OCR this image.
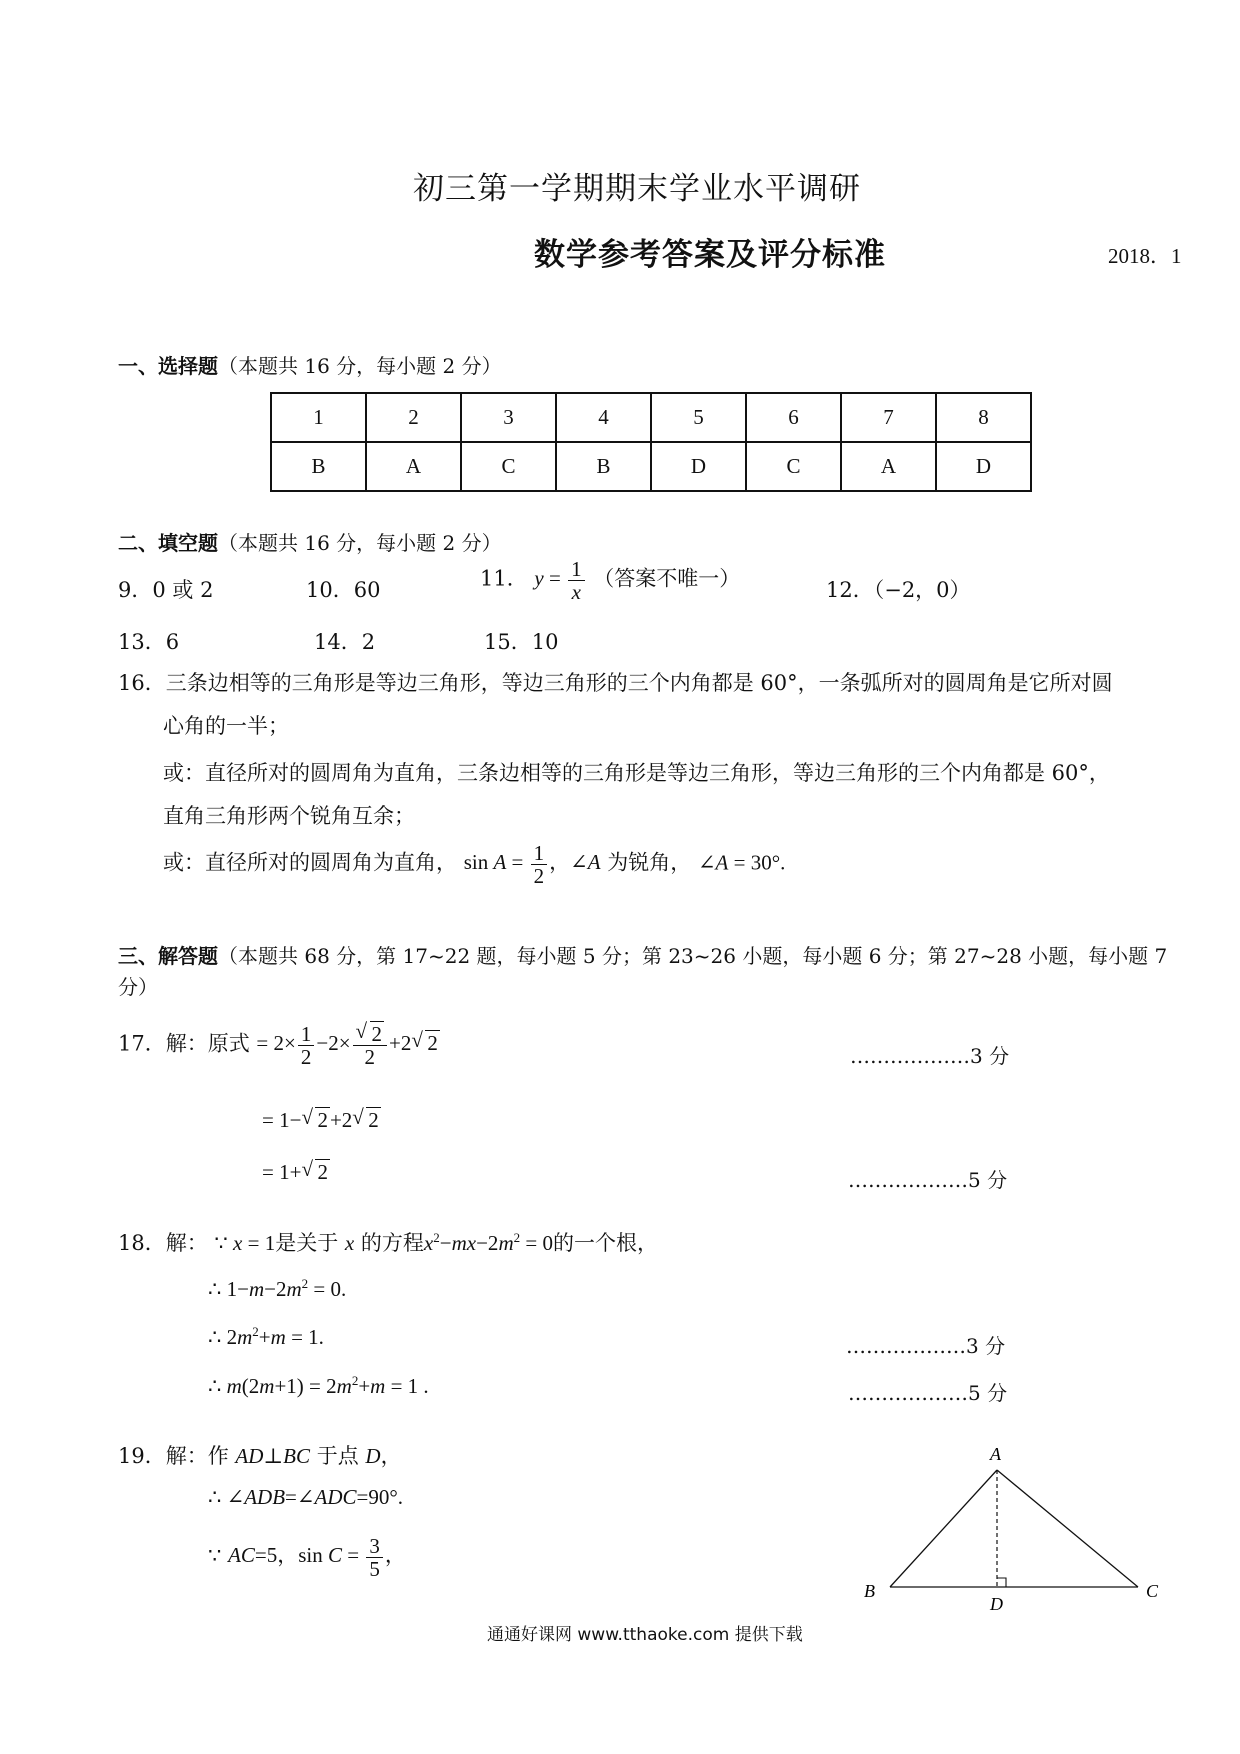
初三第一学期期末学业水平调研
数学参考答案及评分标准	2018．1
一、选择题（本题共 16 分，每小题 2 分）
1	2	3	4	5	6	7	8
B	A	C	B	D	C	A	D
二、填空题（本题共 16 分，每小题 2 分）
9．0 或 2	10．60	11． $y = \frac{1}{x}$ （答案不唯一）	12．（−2，0）
13．6	14．2	15．10
16．三条边相等的三角形是等边三角形，等边三角形的三个内角都是 60°，一条弧所对的圆周角是它所对圆
心角的一半；
或：直径所对的圆周角为直角，三条边相等的三角形是等边三角形，等边三角形的三个内角都是 60°，
直角三角形两个锐角互余；
或：直径所对的圆周角为直角， $\sin A = \frac{1}{2}$ ，∠A 为锐角， ∠A = 30°.
三、解答题（本题共 68 分，第 17~22 题，每小题 5 分；第 23~26 小题，每小题 6 分；第 27~28 小题，每小题 7
分）
17．解：原式 = $2\times \frac{1}{2} -2\times$ √ $\frac{2}{2} +2$ √ 2
………………3 分
= 1− √ 2+2 √ 2
= 1+ √ 2	………………5 分
18．解： ∵ x = 1是关于 x 的方程$x^2-mx-2m^2 = 0$的一个根，
∴ $1-m-2m^2 = 0$.
∴ $2m^2+m = 1$.	………………3 分
∴ $m(2m+1) = 2m^2+m = 1$ .	………………5 分
19．解：作 AD⊥BC 于点 D，
∴ ∠ADB=∠ADC=90°.
∵ AC=5，$\sin C = \frac{3}{5}$ ，
A
B	C
D
通通好课网 www.tthaoke.com 提供下载
